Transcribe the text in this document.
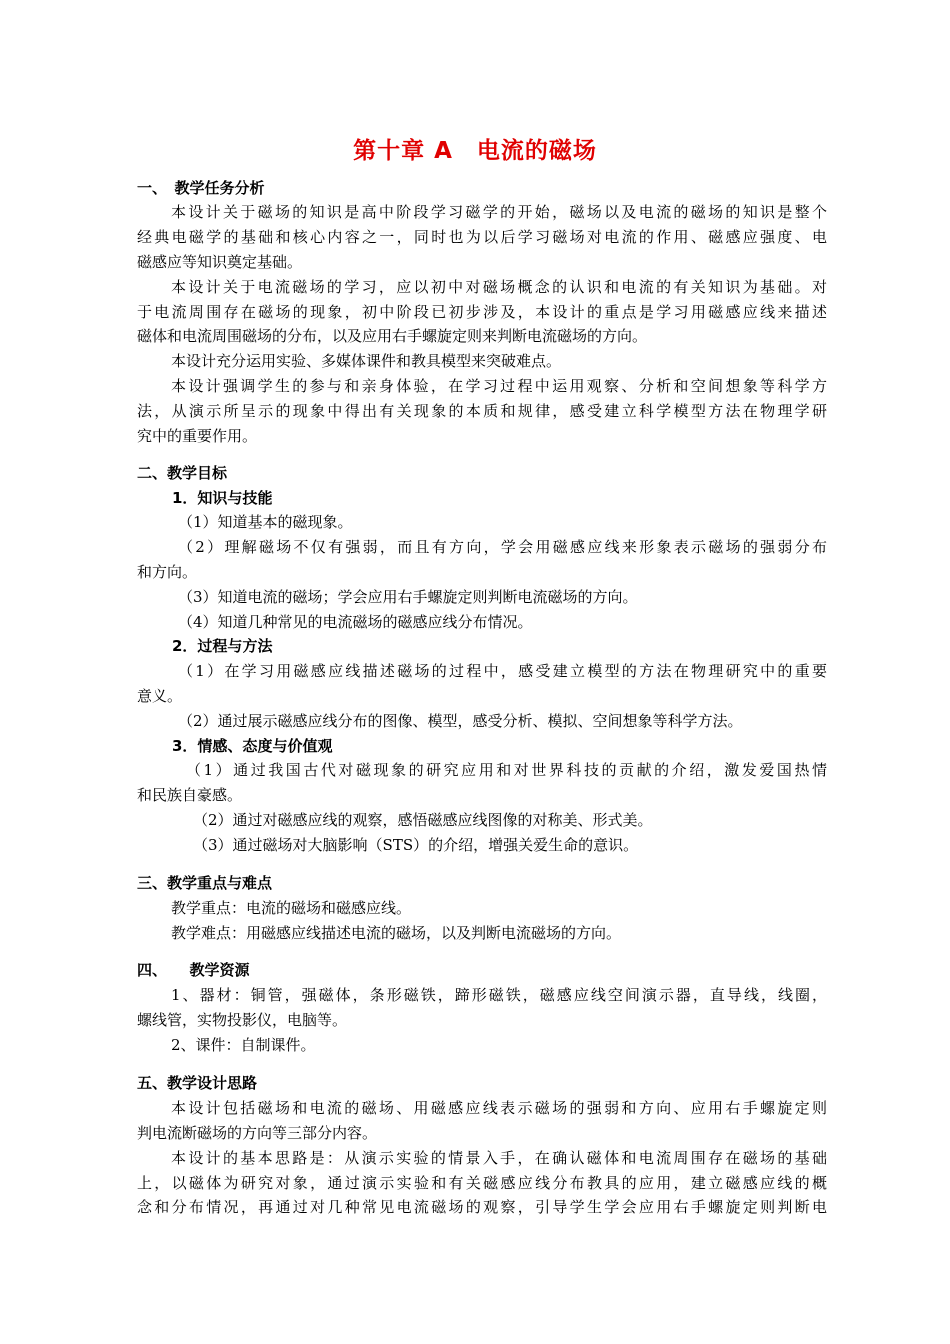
第十章 A　电流的磁场
一、　教学任务分析
本设计关于磁场的知识是高中阶段学习磁学的开始，磁场以及电流的磁场的知识是整个
经典电磁学的基础和核心内容之一，同时也为以后学习磁场对电流的作用、磁感应强度、电
磁感应等知识奠定基础。
本设计关于电流磁场的学习，应以初中对磁场概念的认识和电流的有关知识为基础。对
于电流周围存在磁场的现象，初中阶段已初步涉及，本设计的重点是学习用磁感应线来描述
磁体和电流周围磁场的分布，以及应用右手螺旋定则来判断电流磁场的方向。
本设计充分运用实验、多媒体课件和教具模型来突破难点。
本设计强调学生的参与和亲身体验，在学习过程中运用观察、分析和空间想象等科学方
法，从演示所呈示的现象中得出有关现象的本质和规律，感受建立科学模型方法在物理学研
究中的重要作用。
二、教学目标
1．知识与技能
（1）知道基本的磁现象。
（2）理解磁场不仅有强弱，而且有方向，学会用磁感应线来形象表示磁场的强弱分布
和方向。
（3）知道电流的磁场；学会应用右手螺旋定则判断电流磁场的方向。
（4）知道几种常见的电流磁场的磁感应线分布情况。
2．过程与方法
（1）在学习用磁感应线描述磁场的过程中，感受建立模型的方法在物理研究中的重要
意义。
（2）通过展示磁感应线分布的图像、模型，感受分析、模拟、空间想象等科学方法。
3．情感、态度与价值观
（1）通过我国古代对磁现象的研究应用和对世界科技的贡献的介绍，激发爱国热情
和民族自豪感。
（2）通过对磁感应线的观察，感悟磁感应线图像的对称美、形式美。
（3）通过磁场对大脑影响（STS）的介绍，增强关爱生命的意识。
三、教学重点与难点
教学重点：电流的磁场和磁感应线。
教学难点：用磁感应线描述电流的磁场，以及判断电流磁场的方向。
四、　　教学资源
1、器材：铜管，强磁体，条形磁铁，蹄形磁铁，磁感应线空间演示器，直导线，线圈，
螺线管，实物投影仪，电脑等。
2、课件：自制课件。
五、教学设计思路
本设计包括磁场和电流的磁场、用磁感应线表示磁场的强弱和方向、应用右手螺旋定则
判电流断磁场的方向等三部分内容。
本设计的基本思路是：从演示实验的情景入手，在确认磁体和电流周围存在磁场的基础
上，以磁体为研究对象，通过演示实验和有关磁感应线分布教具的应用，建立磁感应线的概
念和分布情况，再通过对几种常见电流磁场的观察，引导学生学会应用右手螺旋定则判断电
